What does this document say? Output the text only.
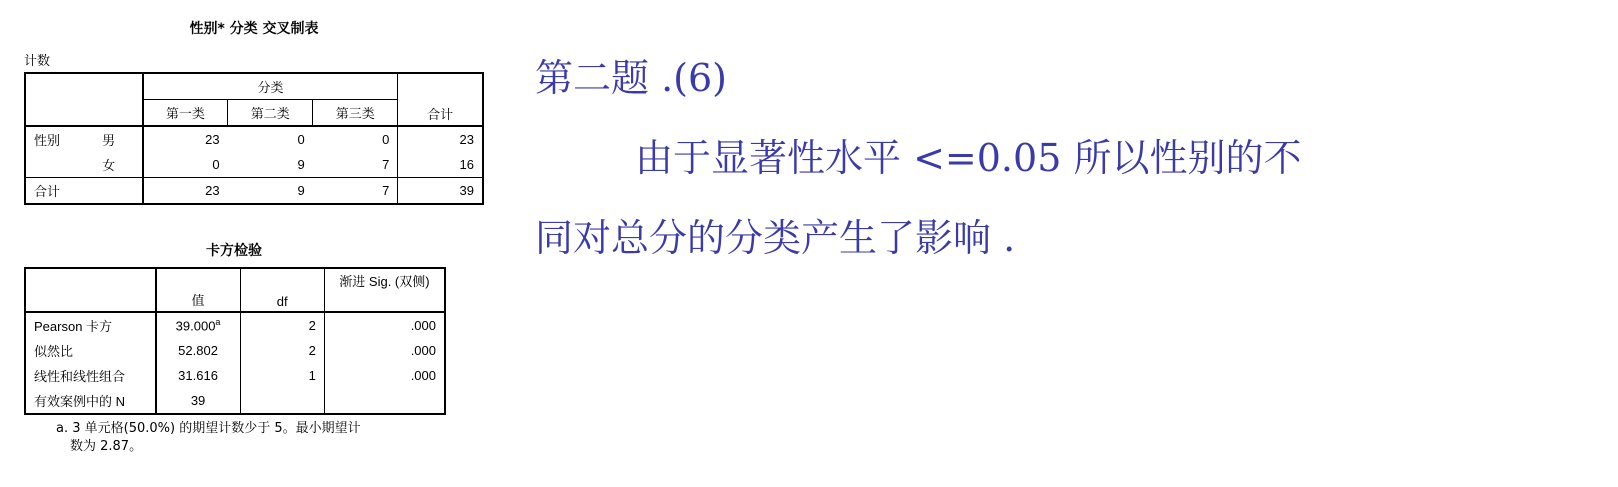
性别* 分类 交叉制表
计数
		分类			合计
		第一类	第二类	第三类	
性别	男	23	0	0	23
	女	0	9	7	16
合计		23	9	7	39
卡方检验
	值	df	渐进 Sig. (双侧)
Pearson 卡方	39.000$^a$	2	.000
似然比	52.802	2	.000
线性和线性组合	31.616	1	.000
有效案例中的 N	39		
a. 3 单元格(50.0%) 的期望计数少于 5。最小期望计
数为 2.87。
第二题 .(6)
由于显著性水平 <=0.05 所以性别的不
同对总分的分类产生了影响 .
